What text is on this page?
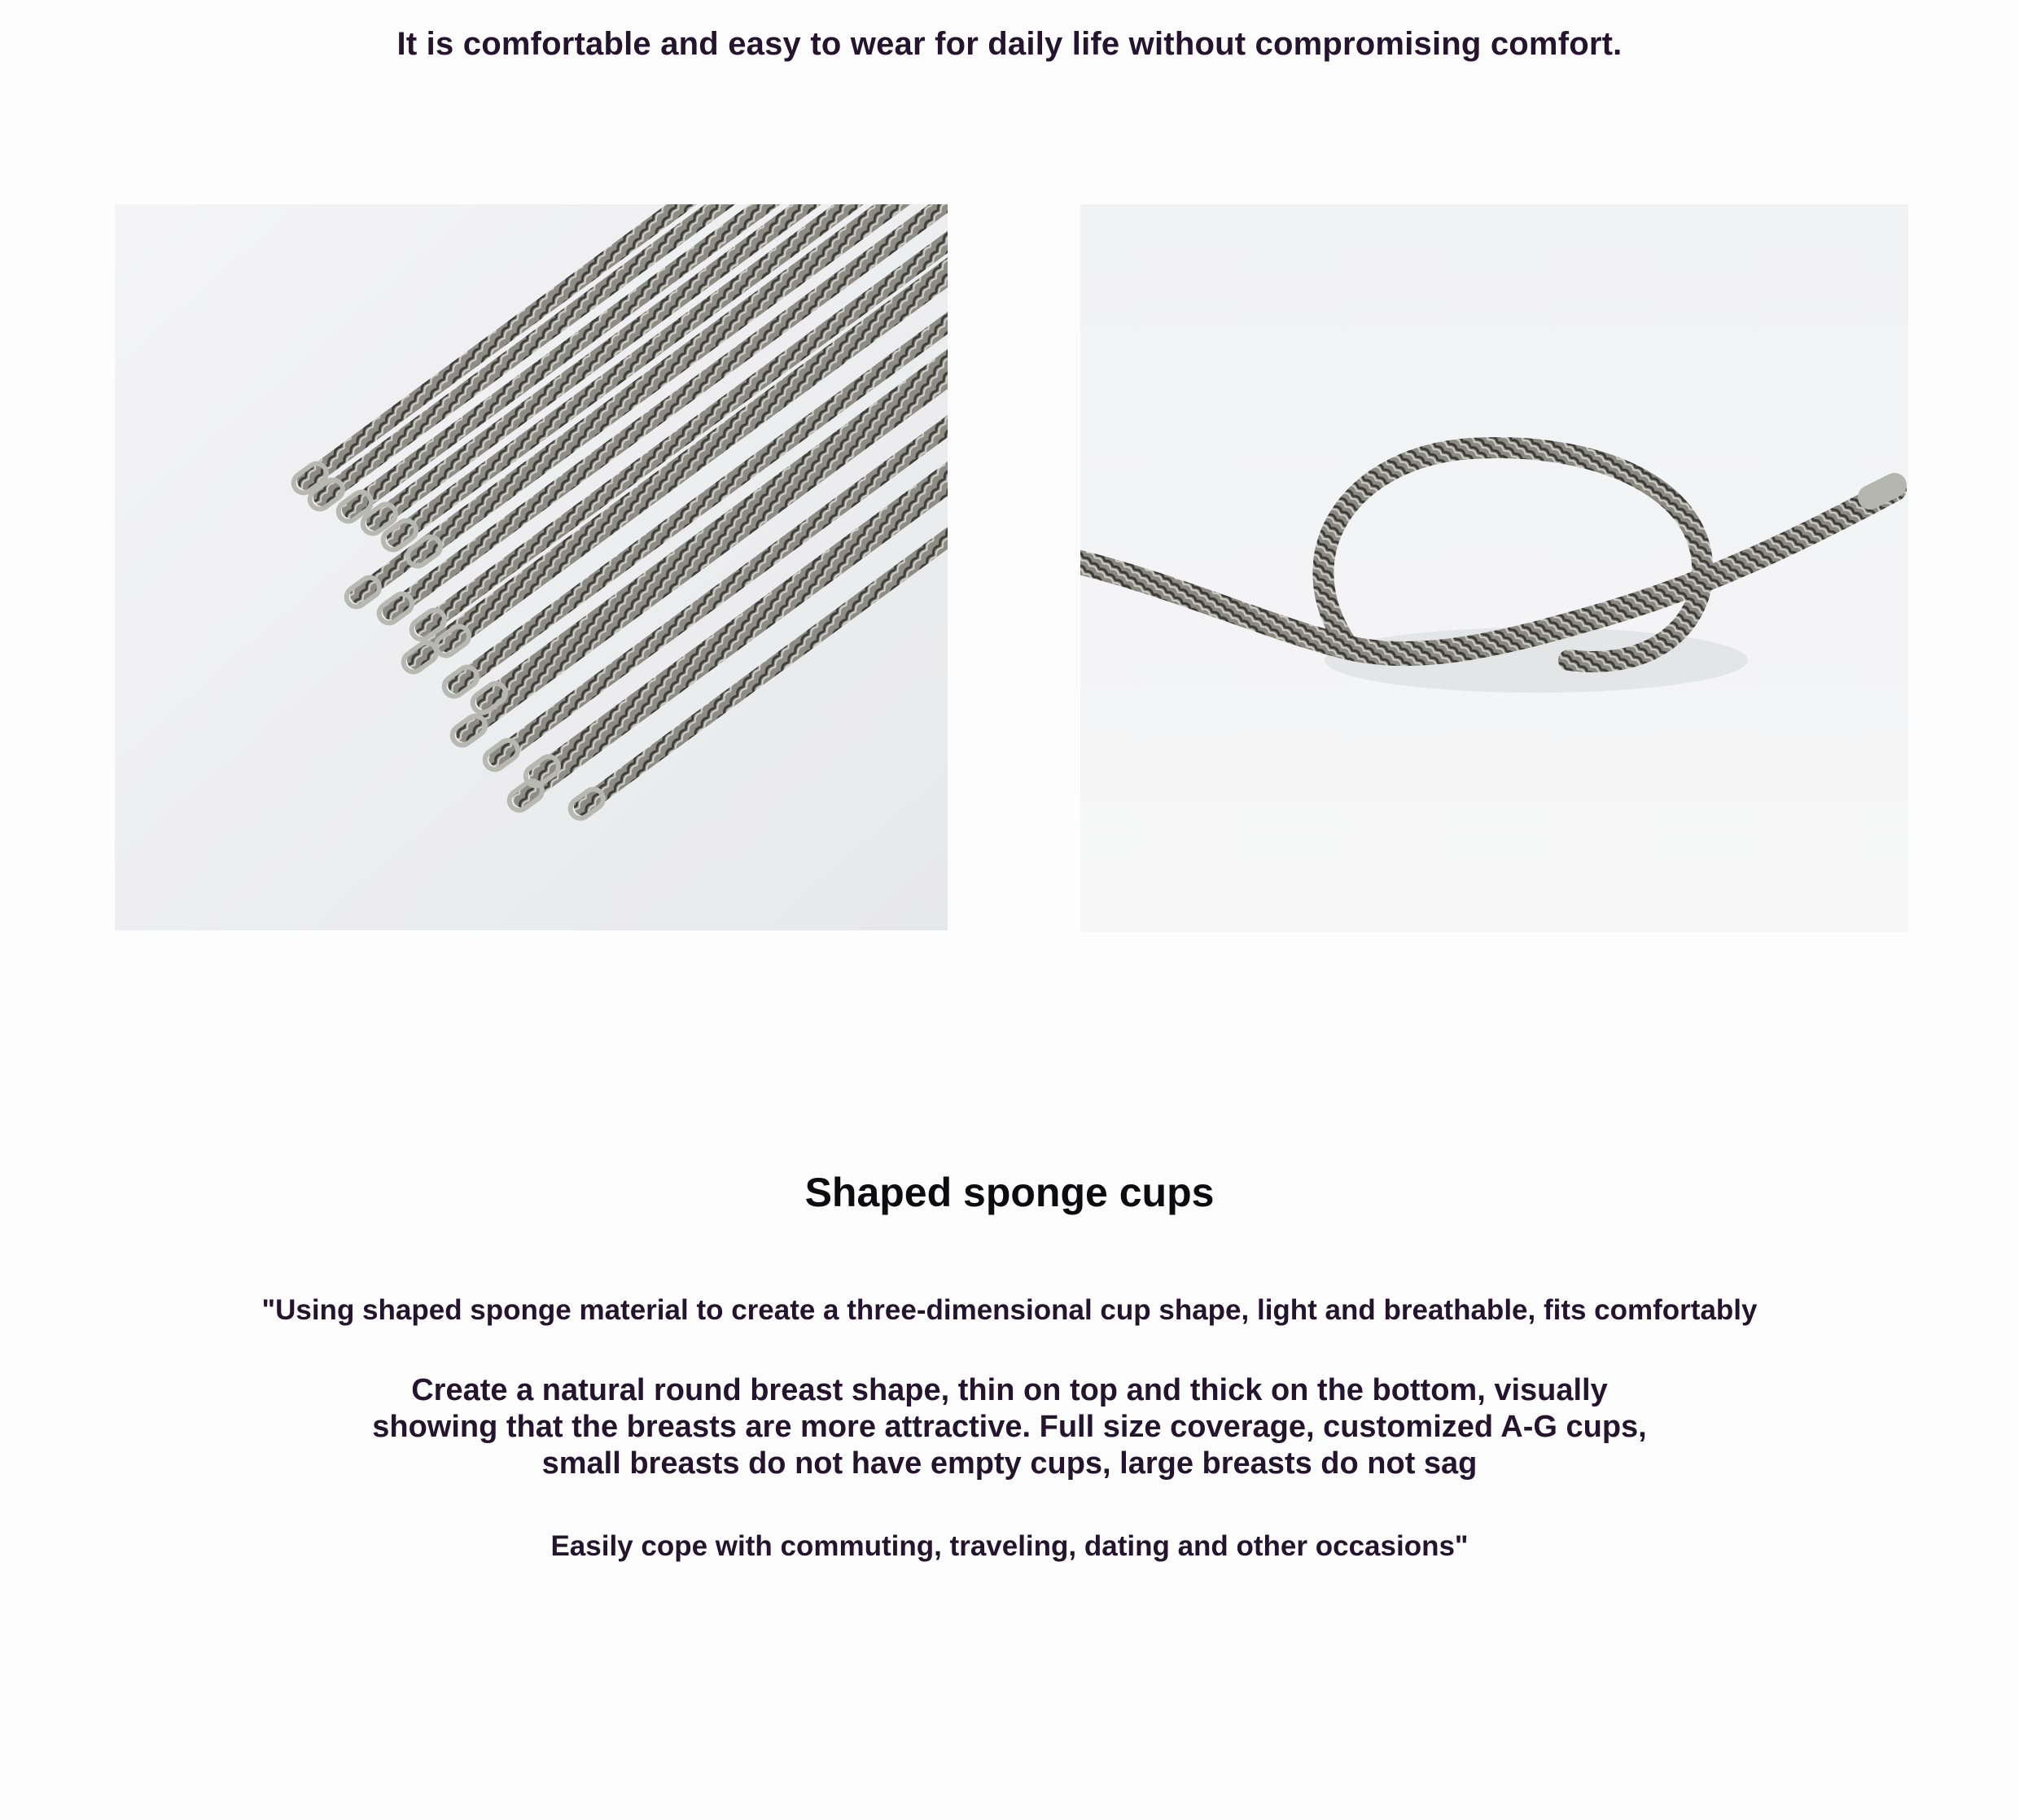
It is comfortable and easy to wear for daily life without compromising comfort.

Shaped sponge cups

"Using shaped sponge material to create a three-dimensional cup shape, light and breathable, fits comfortably

Create a natural round breast shape, thin on top and thick on the bottom, visually showing that the breasts are more attractive. Full size coverage, customized A-G cups, small breasts do not have empty cups, large breasts do not sag

Easily cope with commuting, traveling, dating and other occasions"
